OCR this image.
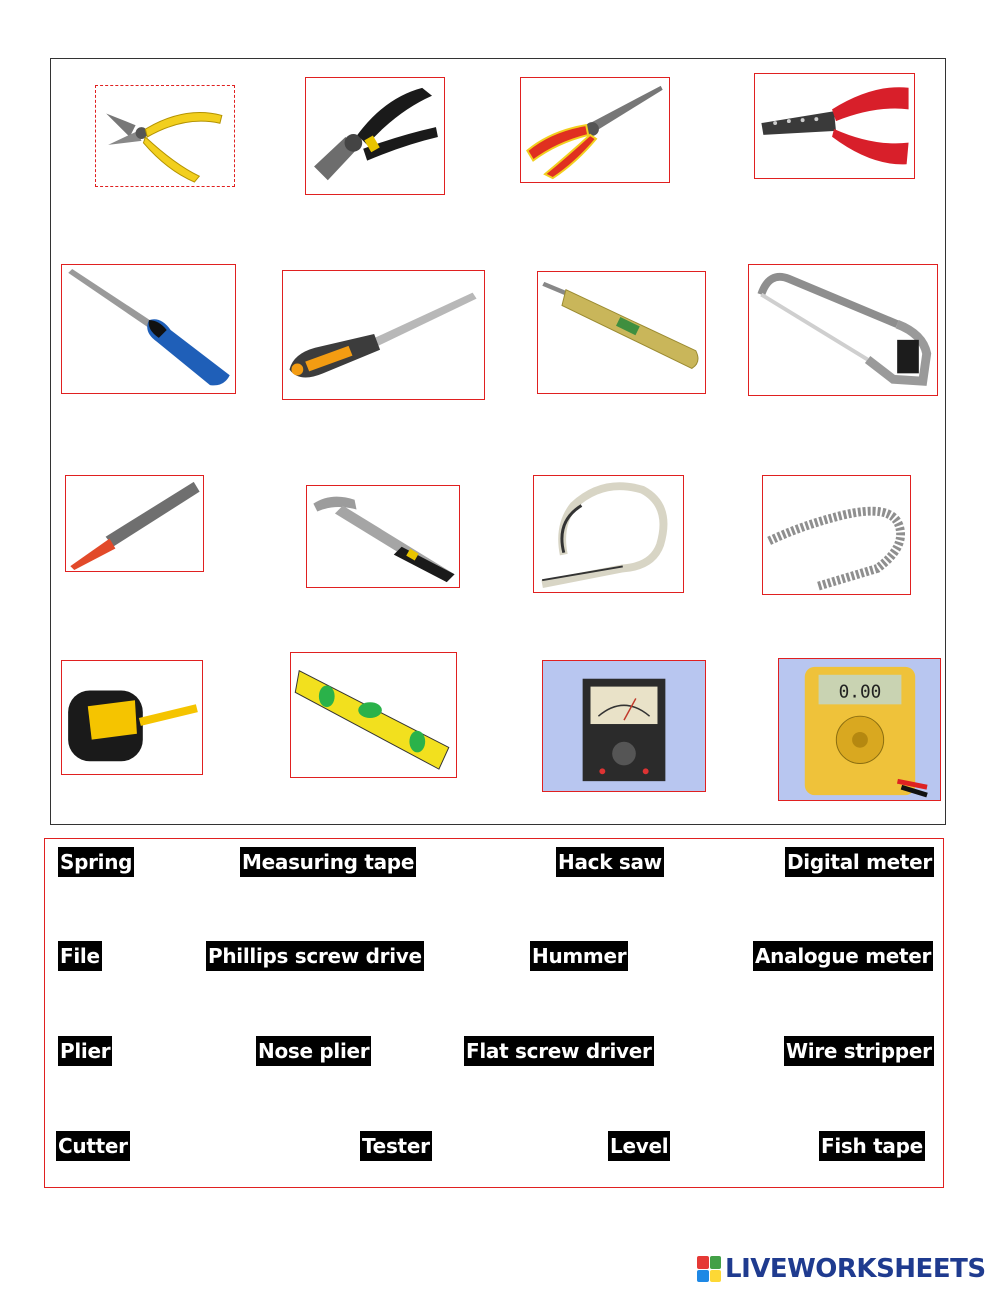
0.00
Spring	Measuring tape	Hack saw	Digital meter
File	Phillips screw drive	Hummer	Analogue meter
Plier	Nose plier	Flat screw driver	Wire stripper
Cutter	Tester	Level	Fish tape
LIVEWORKSHEETS
